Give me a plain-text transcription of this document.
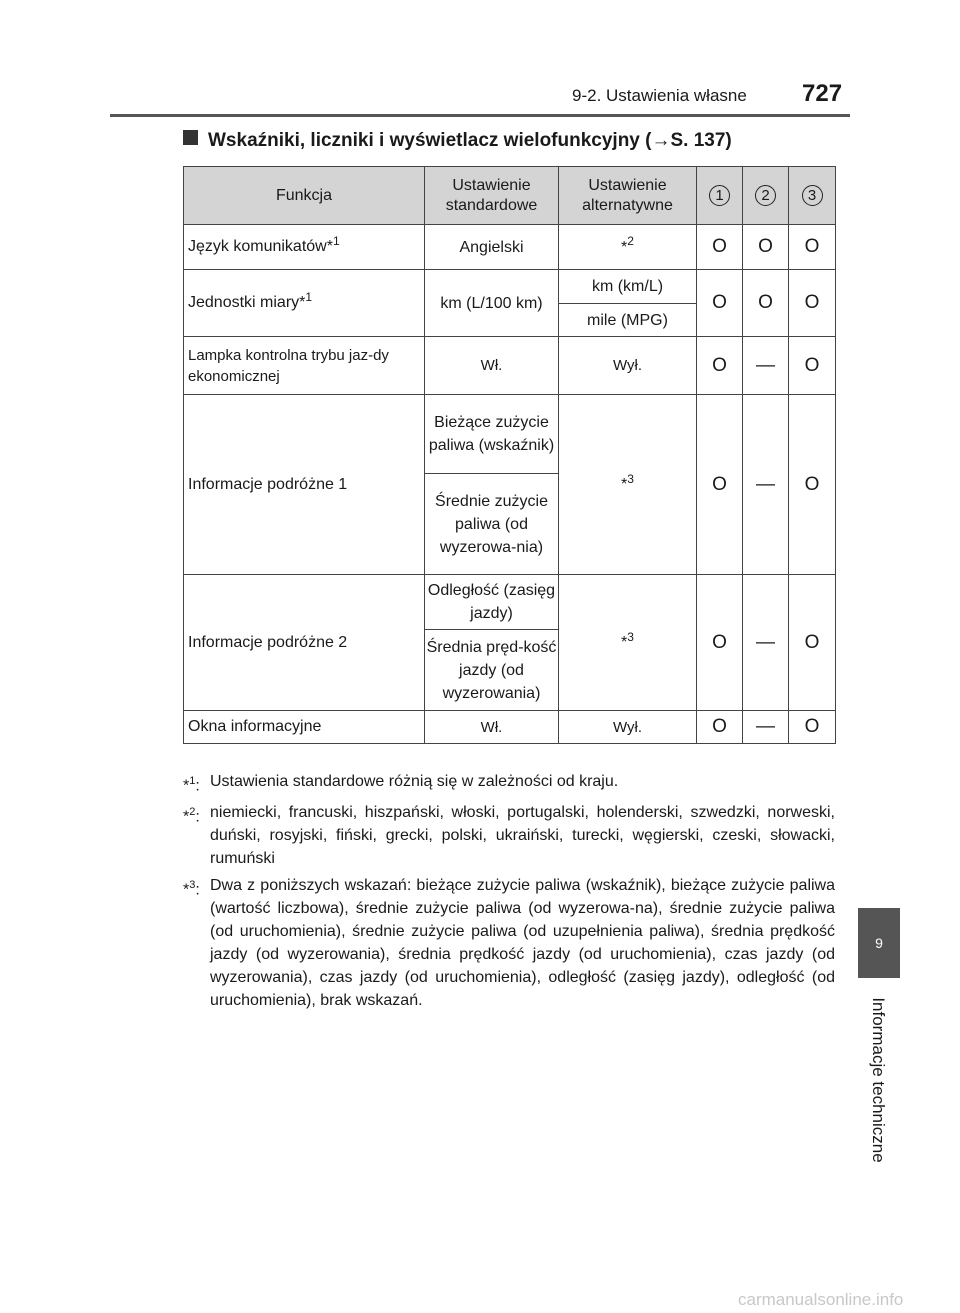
9-2. Ustawienia własne 727
9
Informacje techniczne
Wskaźniki, liczniki i wyświetlacz wielofunkcyjny (→S. 137)
Funkcja	Ustawienie standardowe	Ustawienie alternatywne	1	2	3
Język komunikatów*1	Angielski	*2	O	O	O
Jednostki miary*1	km (L/100 km)	km (km/L)	O	O	O
		mile (MPG)			
Lampka kontrolna trybu jaz-dy ekonomicznej	Wł.	Wył.	O	—	O
Informacje podróżne 1	Bieżące zużycie paliwa (wskaźnik)	*3	O	—	O
	Średnie zużycie paliwa (od wyzerowa-nia)				
Informacje podróżne 2	Odległość (zasięg jazdy)	*3	O	—	O
	Średnia pręd-kość jazdy (od wyzerowania)				
Okna informacyjne	Wł.	Wył.	O	—	O
*$^1$: Ustawienia standardowe różnią się w zależności od kraju.
*$^2$: niemiecki, francuski, hiszpański, włoski, portugalski, holenderski, szwedzki, norweski, duński, rosyjski, fiński, grecki, polski, ukraiński, turecki, węgierski, czeski, słowacki, rumuński
*$^3$: Dwa z poniższych wskazań: bieżące zużycie paliwa (wskaźnik), bieżące zużycie paliwa (wartość liczbowa), średnie zużycie paliwa (od wyzerowa-na), średnie zużycie paliwa (od uruchomienia), średnie zużycie paliwa (od uzupełnienia paliwa), średnia prędkość jazdy (od wyzerowania), średnia prędkość jazdy (od uruchomienia), czas jazdy (od wyzerowania), czas jazdy (od uruchomienia), odległość (zasięg jazdy), odległość (od uruchomienia), brak wskazań.
carmanualsonline.info
